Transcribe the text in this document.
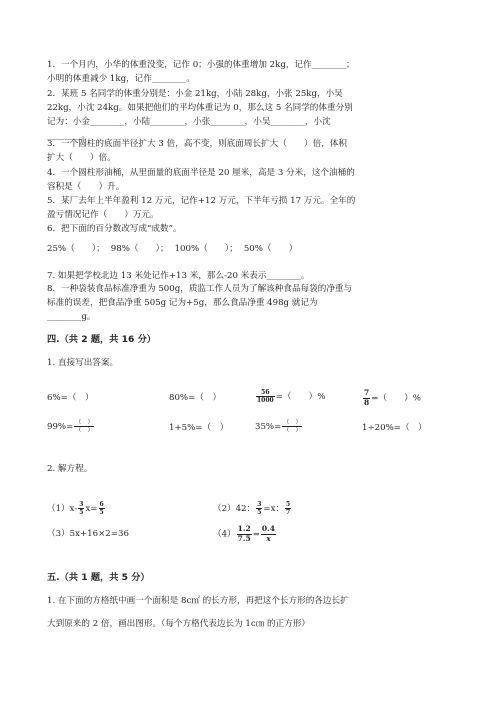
1．一个月内，小华的体重没变，记作 0；小强的体重增加 2kg，记作________；
小明的体重减少 1kg，记作________。
2．某班 5 名同学的体重分别是：小金 21kg，小陆 28kg，小张 25kg，小吴
22kg，小沈 24kg。如果把他们的平均体重记为 0，那么这 5 名同学的体重分别
记为：小金________，小陆________，小张________，小吴________，小沈
________。
3．一个圆柱的底面半径扩大 3 倍，高不变，则底面周长扩大（　　）倍，体积
扩大（　　）倍。
4．一个圆柱形油桶，从里面量的底面半径是 20 厘米，高是 3 分米，这个油桶的
容积是（　　）升。
5．某厂去年上半年盈利 12 万元，记作+12 万元，下半年亏损 17 万元。全年的
盈亏情况记作（　　）万元。
6．把下面的百分数改写成“成数”。
25%（　　）； 98%（　　）； 100%（　　）； 50%（　　）
7. 如果把学校北边 13 米处记作+13 米，那么-20 米表示________。
8．一种袋装食品标准净重为 500g，质监工作人员为了解该种食品每袋的净重与
标准的误差，把食品净重 505g 记为+5g，那么食品净重 498g 就记为
________g。
四.（共 2 题，共 16 分）
1. 直接写出答案。
6%=（　）	80%=（　）	$\frac{56}{1000}$ =（　　）%	$\frac{7}{8}$ =（　　）%
$99\%= \frac{( )}{( )}$	1+5%=（　）	$35\%= \frac{( )}{( )}$	1÷20%=（　）
2. 解方程。
$(1)x- \frac{3}{5} x= \frac{6}{5}$	（2）42： $\frac{3}{5} =x$： $\frac{5}{7}$
（3）5x+16×2=36	$(4) \frac{1.2}{7.5} = \frac{0.4}{x}$
五.（共 1 题，共 5 分）
1. 在下面的方格纸中画一个面积是 8c㎡ 的长方形，再把这个长方形的各边长扩
大到原来的 2 倍，画出图形。（每个方格代表边长为 1c㎝ 的正方形）
